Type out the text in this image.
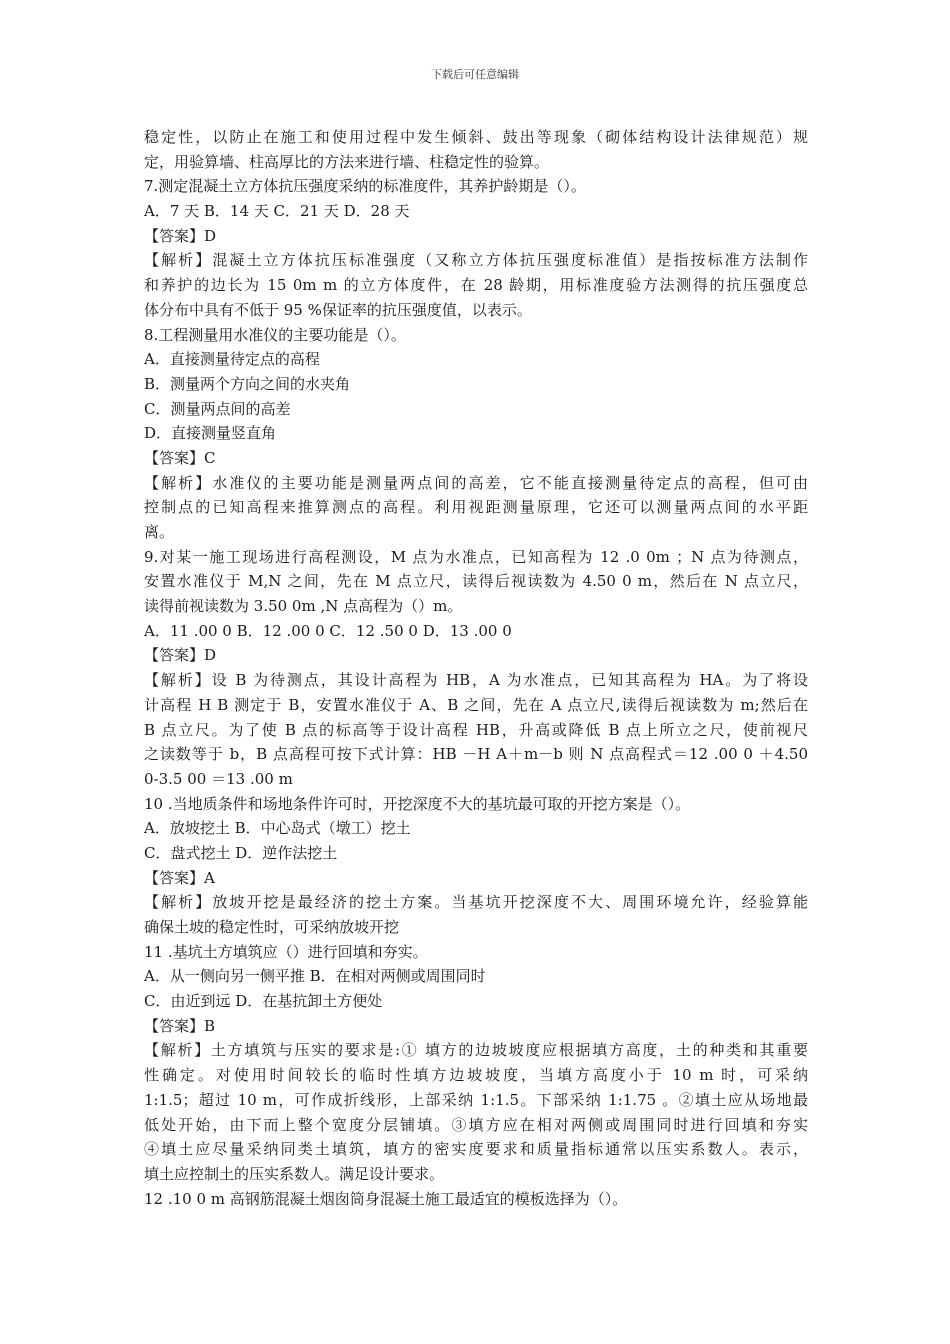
下载后可任意编辑
稳定性，以防止在施工和使用过程中发生倾斜、鼓出等现象（砌体结构设计法律规范）规
定，用验算墙、柱高厚比的方法来进行墙、柱稳定性的验算。
7.测定混凝土立方体抗压强度采纳的标准度件，其养护龄期是（）。
A．7 天 B．14 天 C．21 天 D．28 天
【答案】D
【解析】混凝土立方体抗压标准强度（又称立方体抗压强度标准值）是指按标准方法制作
和养护的边长为 15 0m m 的立方体度件，在 28 龄期，用标准度验方法测得的抗压强度总
体分布中具有不低于 95 %保证率的抗压强度值，以表示。
8.工程测量用水准仪的主要功能是（）。
A．直接测量待定点的高程
B．测量两个方向之间的水夹角
C．测量两点间的高差
D．直接测量竖直角
【答案】C
【解析】水准仪的主要功能是测量两点间的高差，它不能直接测量待定点的高程，但可由
控制点的已知高程来推算测点的高程。利用视距测量原理，它还可以测量两点间的水平距
离。
9.对某一施工现场进行高程测设，M 点为水准点，已知高程为 12 .0 0m ；N 点为待测点，
安置水准仪于 M,N 之间，先在 M 点立尺，读得后视读数为 4.50 0 m，然后在 N 点立尺，
读得前视读数为 3.50 0m ,N 点高程为（）m。
A．11 .00 0 B．12 .00 0 C．12 .50 0 D．13 .00 0
【答案】D
【解析】设 B 为待测点，其设计高程为 HB，A 为水准点，已知其高程为 HA。为了将设
计高程 H B 测定于 B，安置水准仪于 A、B 之间，先在 A 点立尺,读得后视读数为 m;然后在
B 点立尺。为了使 B 点的标高等于设计高程 HB，升高或降低 B 点上所立之尺，使前视尺
之读数等于 b，B 点高程可按下式计算：HB －H A＋m－b 则 N 点高程式＝12 .00 0 ＋4.50
0-3.5 00 ＝13 .00 m
10 .当地质条件和场地条件许可时，开挖深度不大的基坑最可取的开挖方案是（）。
A．放坡挖土 B．中心岛式（墩工）挖土
C．盘式挖土 D．逆作法挖土
【答案】A
【解析】放坡开挖是最经济的挖土方案。当基坑开挖深度不大、周围环境允许，经验算能
确保土坡的稳定性时，可采纳放坡开挖
11 .基坑土方填筑应（）进行回填和夯实。
A．从一侧向另一侧平推 B．在相对两侧或周围同时
C．由近到远 D．在基抗卸土方便处
【答案】B
【解析】土方填筑与压实的要求是:① 填方的边坡坡度应根据填方高度，土的种类和其重要
性确定。对使用时间较长的临时性填方边坡坡度，当填方高度小于 10 m 时，可采纳
1:1.5；超过 10 m，可作成折线形，上部采纳 1:1.5。下部采纳 1:1.75 。②填土应从场地最
低处开始，由下而上整个宽度分层铺填。③填方应在相对两侧或周围同时进行回填和夯实
④填土应尽量采纳同类土填筑，填方的密实度要求和质量指标通常以压实系数人。表示，
填土应控制土的压实系数人。满足设计要求。
12 .10 0 m 高钢筋混凝土烟囱筒身混凝土施工最适宜的模板选择为（）。
